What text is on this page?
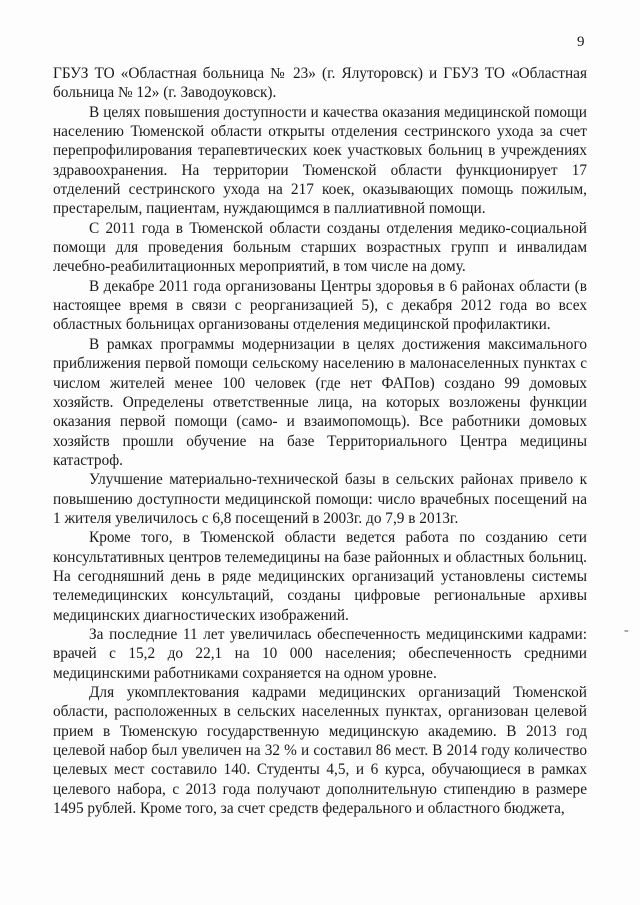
9

ГБУЗ ТО «Областная больница № 23» (г. Ялуторовск) и ГБУЗ ТО «Областная больница № 12» (г. Заводоуковск).

В целях повышения доступности и качества оказания медицинской помощи населению Тюменской области открыты отделения сестринского ухода за счет перепрофилирования терапевтических коек участковых больниц в учреждениях здравоохранения. На территории Тюменской области функционирует 17 отделений сестринского ухода на 217 коек, оказывающих помощь пожилым, престарелым, пациентам, нуждающимся в паллиативной помощи.

С 2011 года в Тюменской области созданы отделения медико-социальной помощи для проведения больным старших возрастных групп и инвалидам лечебно-реабилитационных мероприятий, в том числе на дому.

В декабре 2011 года организованы Центры здоровья в 6 районах области (в настоящее время в связи с реорганизацией 5), с декабря 2012 года во всех областных больницах организованы отделения медицинской профилактики.

В рамках программы модернизации в целях достижения максимального приближения первой помощи сельскому населению в малонаселенных пунктах с числом жителей менее 100 человек (где нет ФАПов) создано 99 домовых хозяйств. Определены ответственные лица, на которых возложены функции оказания первой помощи (само- и взаимопомощь). Все работники домовых хозяйств прошли обучение на базе Территориального Центра медицины катастроф.

Улучшение материально-технической базы в сельских районах привело к повышению доступности медицинской помощи: число врачебных посещений на 1 жителя увеличилось с 6,8 посещений в 2003г. до 7,9 в 2013г.

Кроме того, в Тюменской области ведется работа по созданию сети консультативных центров телемедицины на базе районных и областных больниц. На сегодняшний день в ряде медицинских организаций установлены системы телемедицинских консультаций, созданы цифровые региональные архивы медицинских диагностических изображений.

За последние 11 лет увеличилась обеспеченность медицинскими кадрами: врачей с 15,2 до 22,1 на 10 000 населения; обеспеченность средними медицинскими работниками сохраняется на одном уровне.

Для укомплектования кадрами медицинских организаций Тюменской области, расположенных в сельских населенных пунктах, организован целевой прием в Тюменскую государственную медицинскую академию. В 2013 год целевой набор был увеличен на 32 % и составил 86 мест. В 2014 году количество целевых мест составило 140. Студенты 4,5, и 6 курса, обучающиеся в рамках целевого набора, с 2013 года получают дополнительную стипендию в размере 1495 рублей. Кроме того, за счет средств федерального и областного бюджета,

-
